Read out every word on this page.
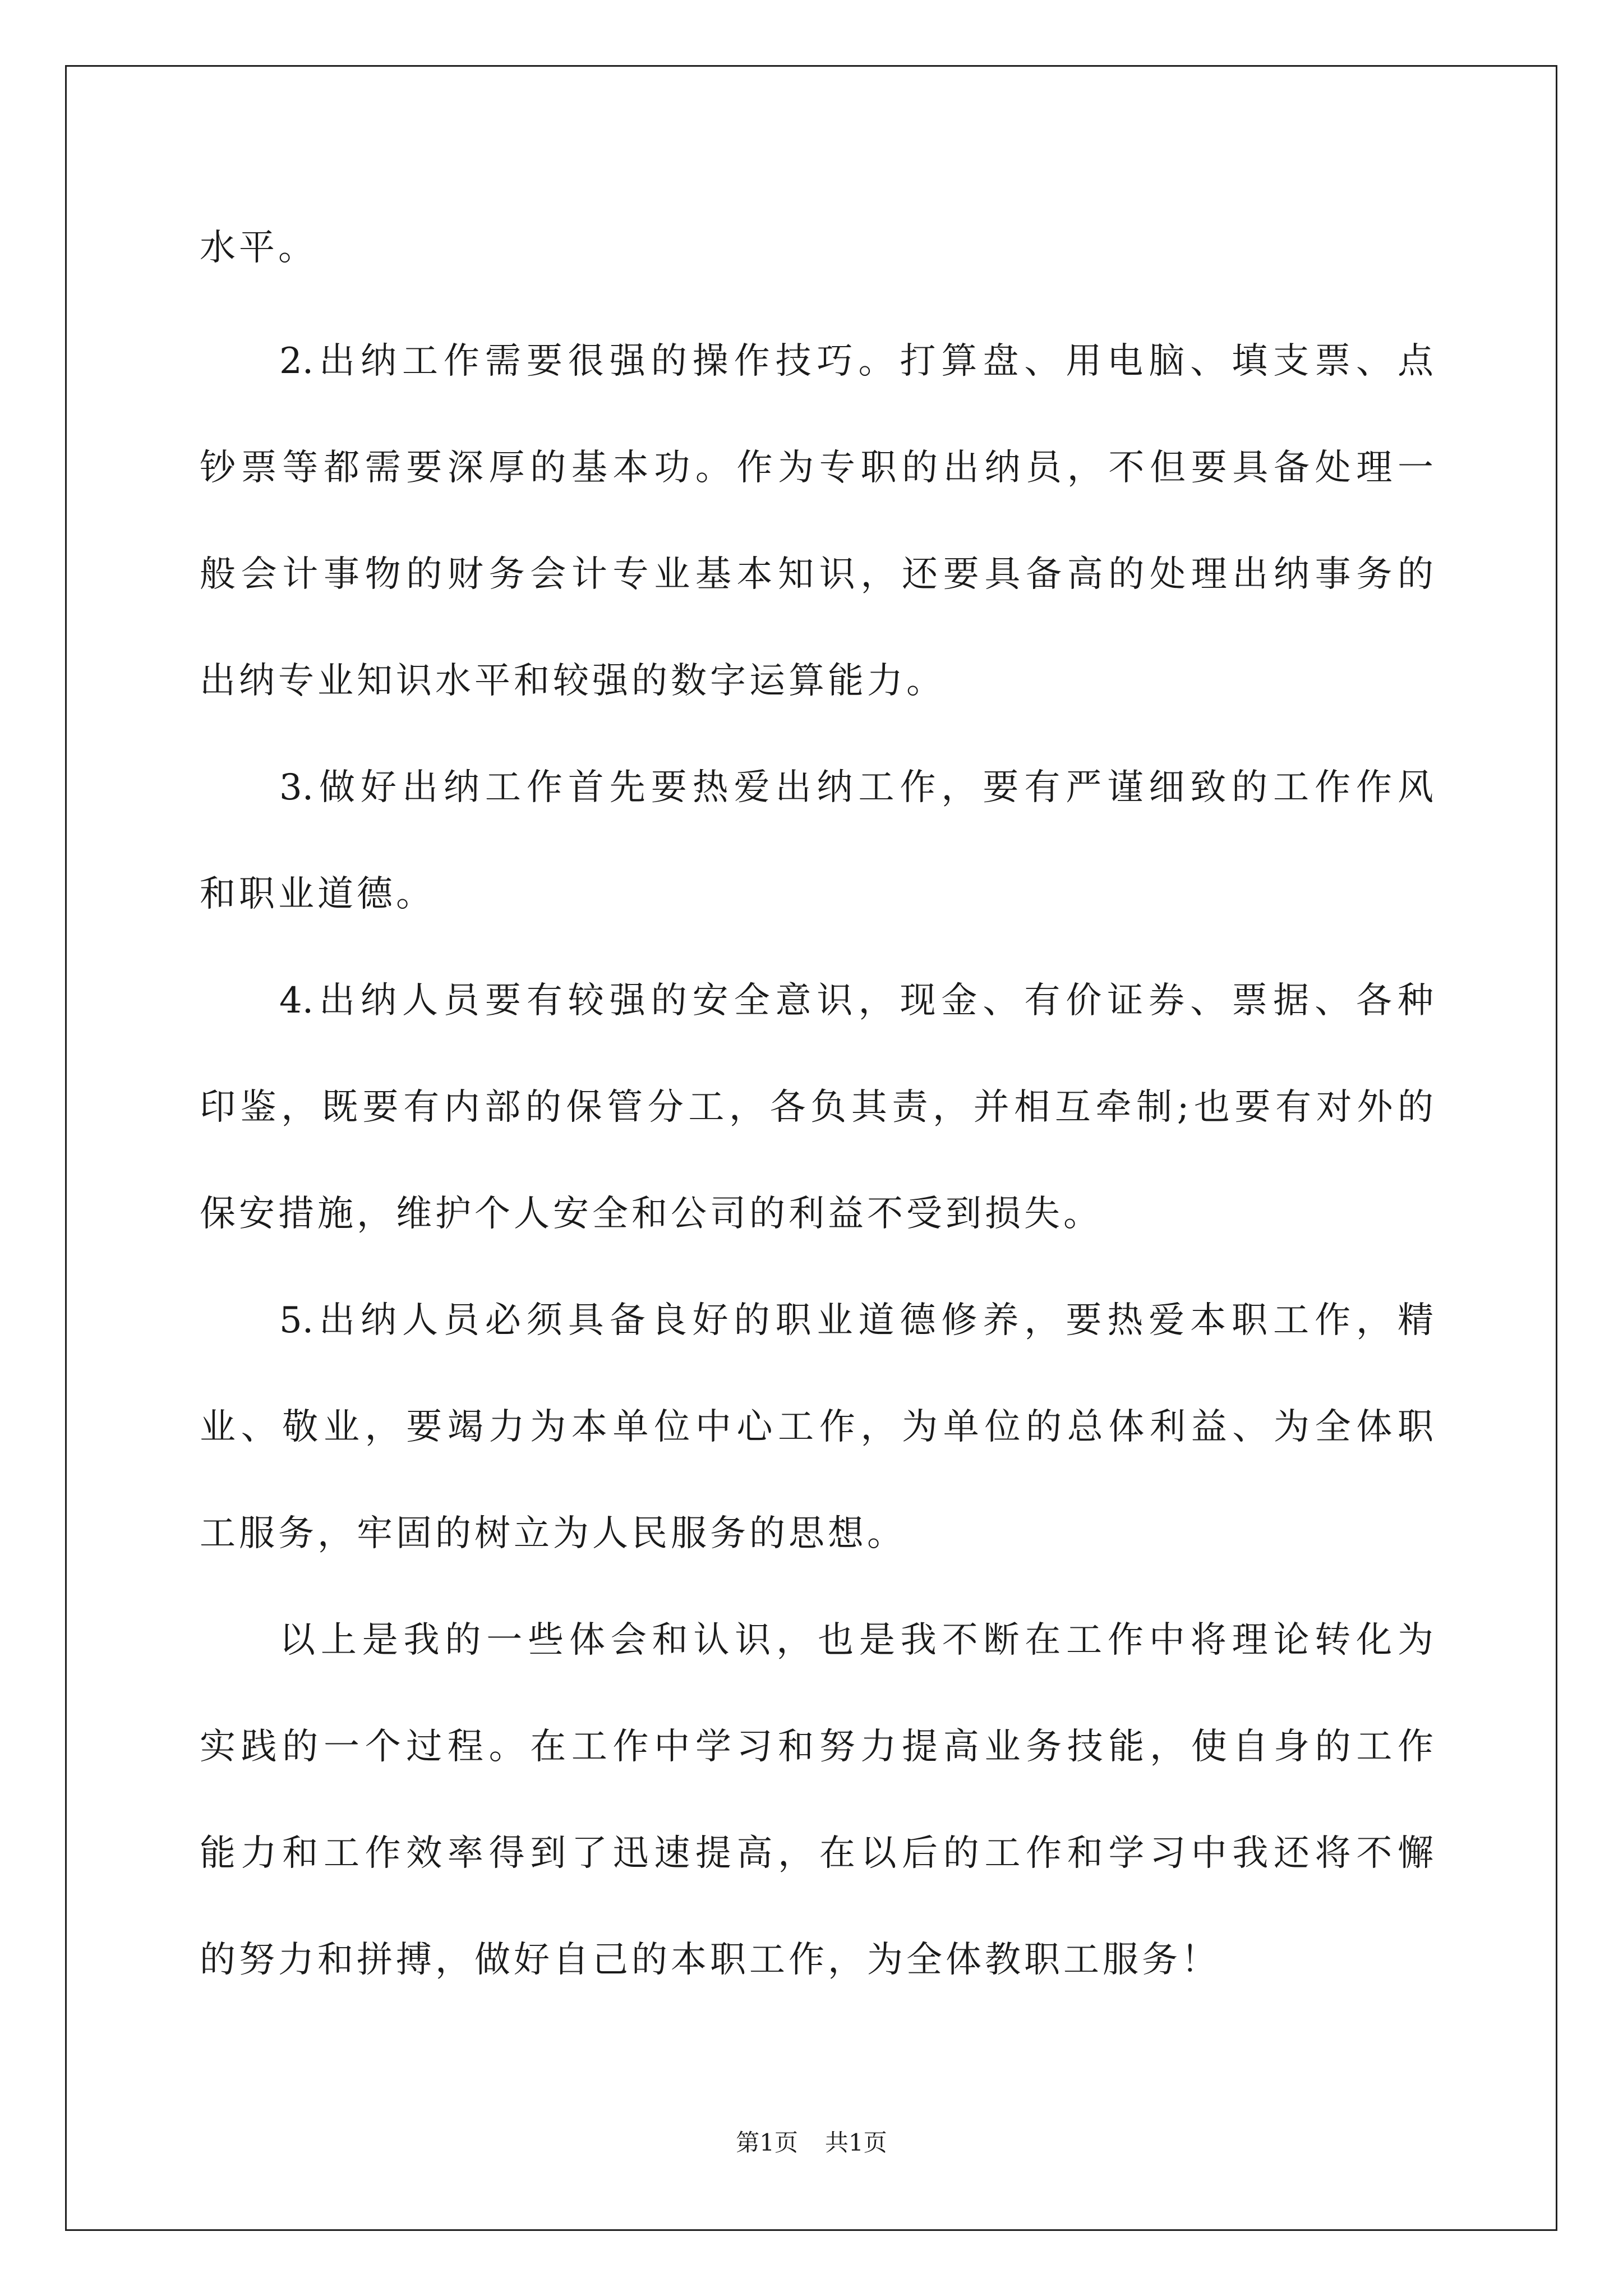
水平。
2.出纳工作需要很强的操作技巧。打算盘、用电脑、填支票、点
钞票等都需要深厚的基本功。作为专职的出纳员，不但要具备处理一
般会计事物的财务会计专业基本知识，还要具备高的处理出纳事务的
出纳专业知识水平和较强的数字运算能力。
3.做好出纳工作首先要热爱出纳工作，要有严谨细致的工作作风
和职业道德。
4.出纳人员要有较强的安全意识，现金、有价证券、票据、各种
印鉴，既要有内部的保管分工，各负其责，并相互牵制;也要有对外的
保安措施，维护个人安全和公司的利益不受到损失。
5.出纳人员必须具备良好的职业道德修养，要热爱本职工作，精
业、敬业，要竭力为本单位中心工作，为单位的总体利益、为全体职
工服务，牢固的树立为人民服务的思想。
以上是我的一些体会和认识，也是我不断在工作中将理论转化为
实践的一个过程。在工作中学习和努力提高业务技能，使自身的工作
能力和工作效率得到了迅速提高，在以后的工作和学习中我还将不懈
的努力和拼搏，做好自己的本职工作，为全体教职工服务！
第1页 共1页
